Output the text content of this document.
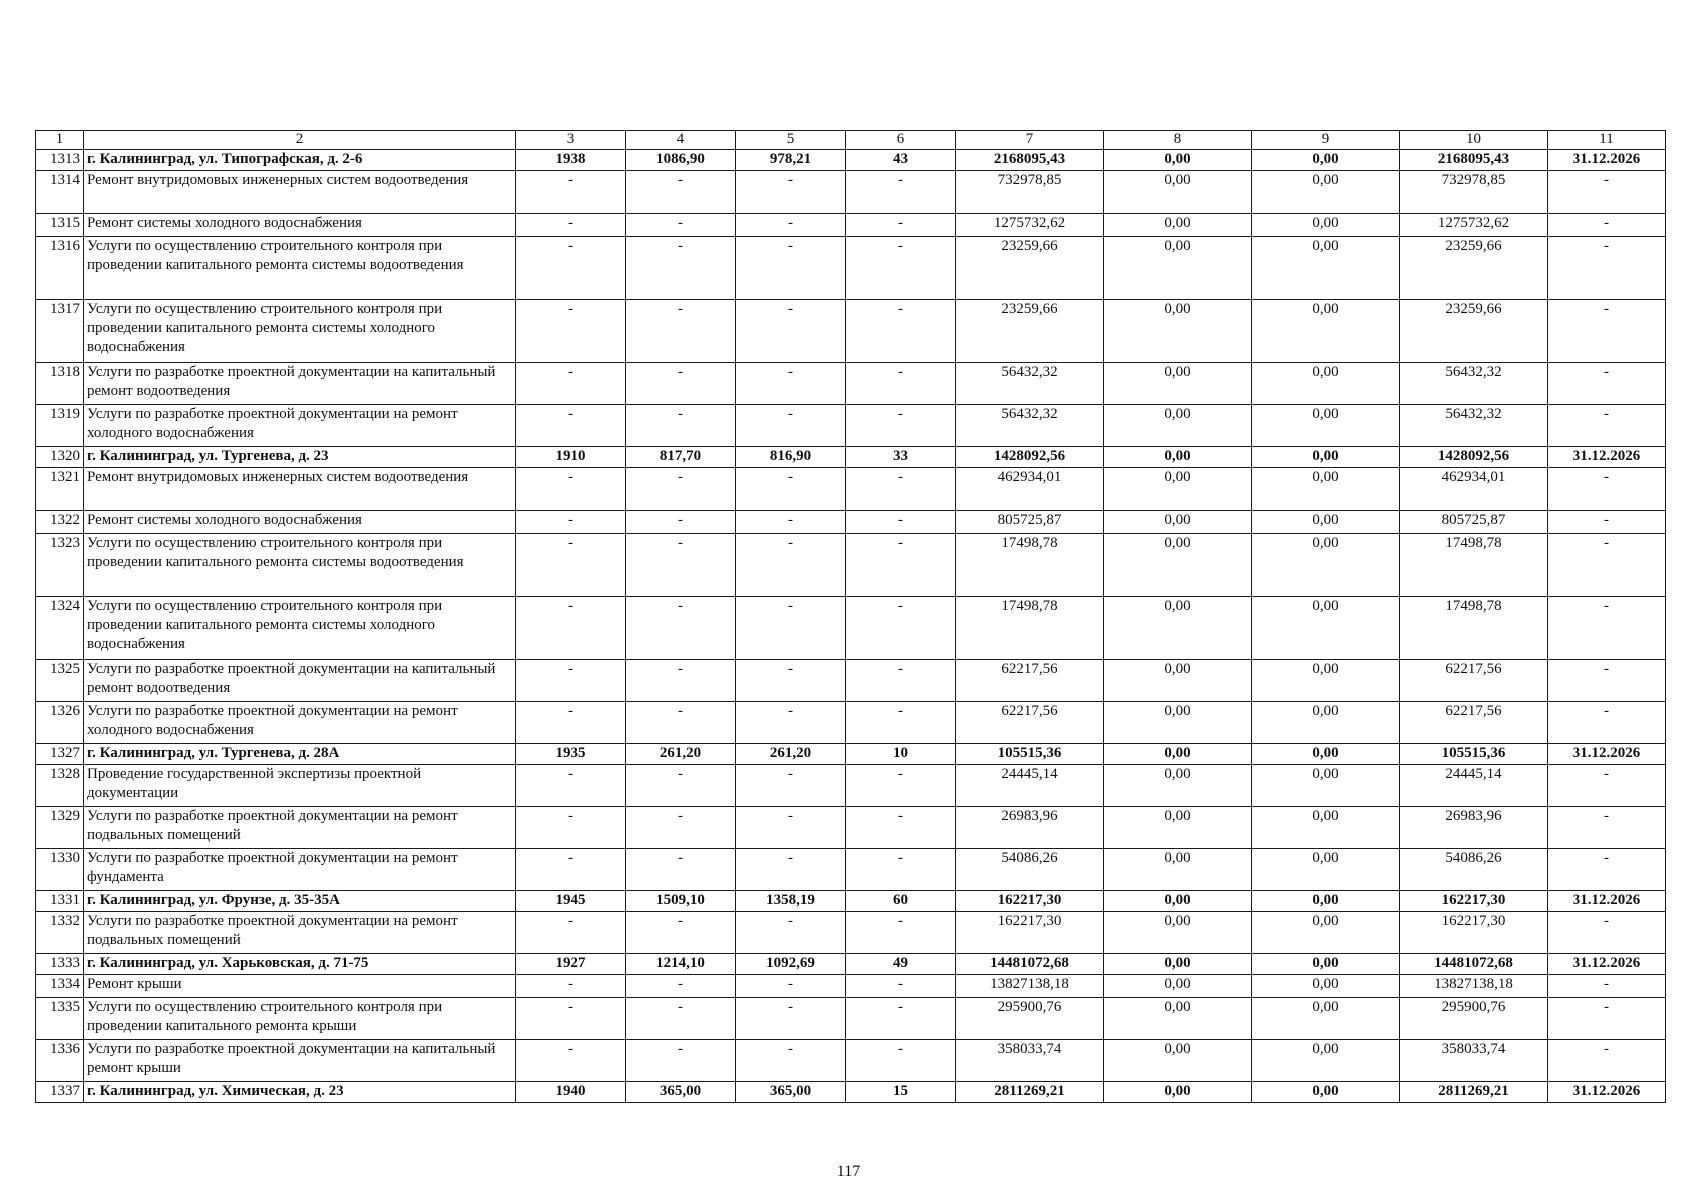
1	2	3	4	5	6	7	8	9	10	11
1313	г. Калининград, ул. Типографская, д. 2-6	1938	1086,90	978,21	43	2168095,43	0,00	0,00	2168095,43	31.12.2026
1314	Ремонт внутридомовых инженерных систем водоотведения	-	-	-	-	732978,85	0,00	0,00	732978,85	-
1315	Ремонт системы холодного водоснабжения	-	-	-	-	1275732,62	0,00	0,00	1275732,62	-
1316	Услуги по осуществлению строительного контроля при проведении капитального ремонта системы водоотведения	-	-	-	-	23259,66	0,00	0,00	23259,66	-
1317	Услуги по осуществлению строительного контроля при проведении капитального ремонта системы холодного водоснабжения	-	-	-	-	23259,66	0,00	0,00	23259,66	-
1318	Услуги по разработке проектной документации на капитальный ремонт водоотведения	-	-	-	-	56432,32	0,00	0,00	56432,32	-
1319	Услуги по разработке проектной документации на ремонт холодного водоснабжения	-	-	-	-	56432,32	0,00	0,00	56432,32	-
1320	г. Калининград, ул. Тургенева, д. 23	1910	817,70	816,90	33	1428092,56	0,00	0,00	1428092,56	31.12.2026
1321	Ремонт внутридомовых инженерных систем водоотведения	-	-	-	-	462934,01	0,00	0,00	462934,01	-
1322	Ремонт системы холодного водоснабжения	-	-	-	-	805725,87	0,00	0,00	805725,87	-
1323	Услуги по осуществлению строительного контроля при проведении капитального ремонта системы водоотведения	-	-	-	-	17498,78	0,00	0,00	17498,78	-
1324	Услуги по осуществлению строительного контроля при проведении капитального ремонта системы холодного водоснабжения	-	-	-	-	17498,78	0,00	0,00	17498,78	-
1325	Услуги по разработке проектной документации на капитальный ремонт водоотведения	-	-	-	-	62217,56	0,00	0,00	62217,56	-
1326	Услуги по разработке проектной документации на ремонт холодного водоснабжения	-	-	-	-	62217,56	0,00	0,00	62217,56	-
1327	г. Калининград, ул. Тургенева, д. 28А	1935	261,20	261,20	10	105515,36	0,00	0,00	105515,36	31.12.2026
1328	Проведение государственной экспертизы проектной документации	-	-	-	-	24445,14	0,00	0,00	24445,14	-
1329	Услуги по разработке проектной документации на ремонт подвальных помещений	-	-	-	-	26983,96	0,00	0,00	26983,96	-
1330	Услуги по разработке проектной документации на ремонт фундамента	-	-	-	-	54086,26	0,00	0,00	54086,26	-
1331	г. Калининград, ул. Фрунзе, д. 35-35А	1945	1509,10	1358,19	60	162217,30	0,00	0,00	162217,30	31.12.2026
1332	Услуги по разработке проектной документации на ремонт подвальных помещений	-	-	-	-	162217,30	0,00	0,00	162217,30	-
1333	г. Калининград, ул. Харьковская, д. 71-75	1927	1214,10	1092,69	49	14481072,68	0,00	0,00	14481072,68	31.12.2026
1334	Ремонт крыши	-	-	-	-	13827138,18	0,00	0,00	13827138,18	-
1335	Услуги по осуществлению строительного контроля при проведении капитального ремонта крыши	-	-	-	-	295900,76	0,00	0,00	295900,76	-
1336	Услуги по разработке проектной документации на капитальный ремонт крыши	-	-	-	-	358033,74	0,00	0,00	358033,74	-
1337	г. Калининград, ул. Химическая, д. 23	1940	365,00	365,00	15	2811269,21	0,00	0,00	2811269,21	31.12.2026
117
